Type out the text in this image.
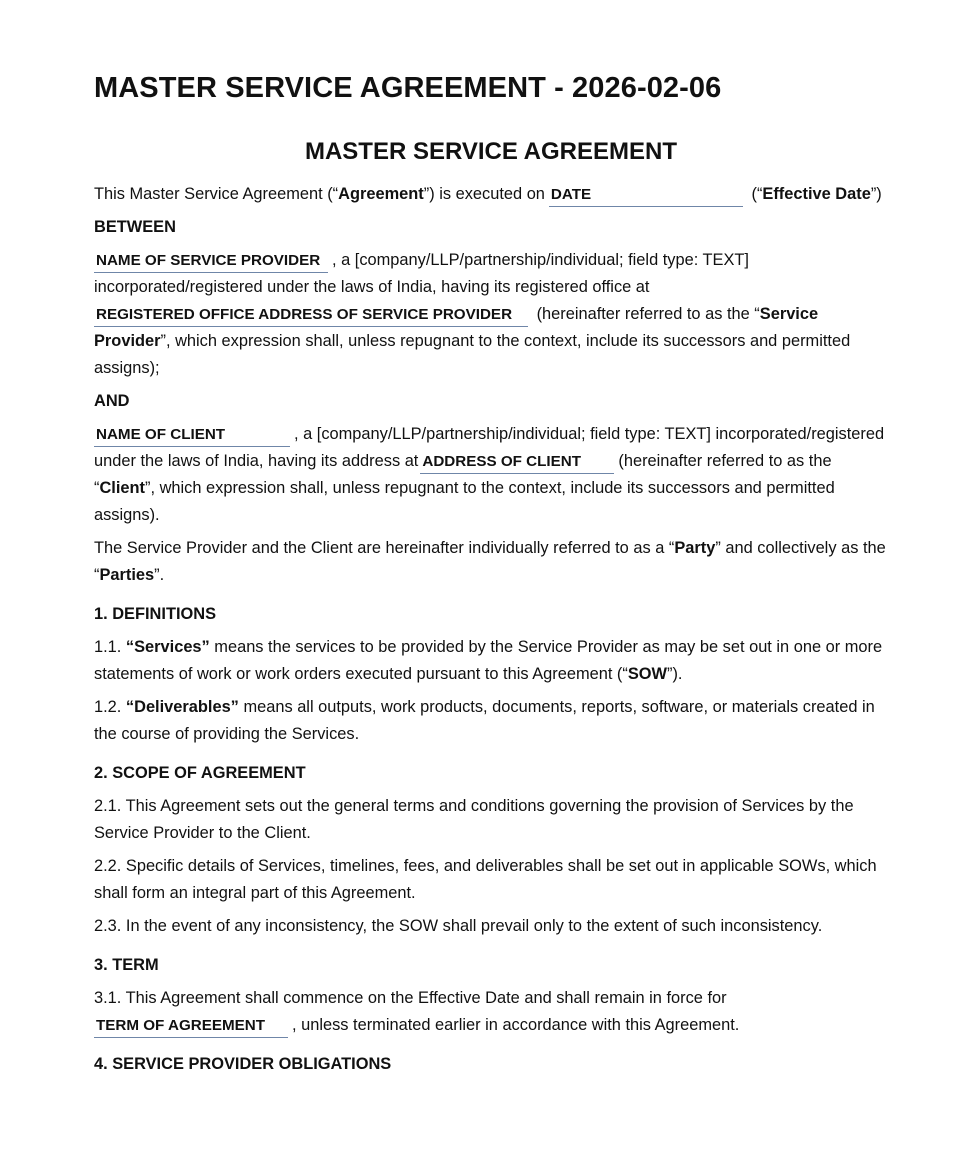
MASTER SERVICE AGREEMENT - 2026-02-06
MASTER SERVICE AGREEMENT

This Master Service Agreement (“Agreement”) is executed on DATE	(“Effective Date”)

BETWEEN

NAME OF SERVICE PROVIDER , a [company/LLP/partnership/individual; field type: TEXT] incorporated/registered under the laws of India, having its registered office at
REGISTERED OFFICE ADDRESS OF SERVICE PROVIDER (hereinafter referred to as the “Service Provider”, which expression shall, unless repugnant to the context, include its successors and permitted assigns);

AND

NAME OF CLIENT	, a [company/LLP/partnership/individual; field type: TEXT] incorporated/registered under the laws of India, having its address at ADDRESS OF CLIENT (hereinafter referred to as the “Client”, which expression shall, unless repugnant to the context, include its successors and permitted assigns).

The Service Provider and the Client are hereinafter individually referred to as a “Party” and collectively as the “Parties”.

1. DEFINITIONS

1.1. “Services” means the services to be provided by the Service Provider as may be set out in one or more statements of work or work orders executed pursuant to this Agreement (“SOW”).

1.2. “Deliverables” means all outputs, work products, documents, reports, software, or materials created in the course of providing the Services.

2. SCOPE OF AGREEMENT

2.1. This Agreement sets out the general terms and conditions governing the provision of Services by the Service Provider to the Client.

2.2. Specific details of Services, timelines, fees, and deliverables shall be set out in applicable SOWs, which shall form an integral part of this Agreement.

2.3. In the event of any inconsistency, the SOW shall prevail only to the extent of such inconsistency.

3. TERM

3.1. This Agreement shall commence on the Effective Date and shall remain in force for
TERM OF AGREEMENT , unless terminated earlier in accordance with this Agreement.

4. SERVICE PROVIDER OBLIGATIONS
